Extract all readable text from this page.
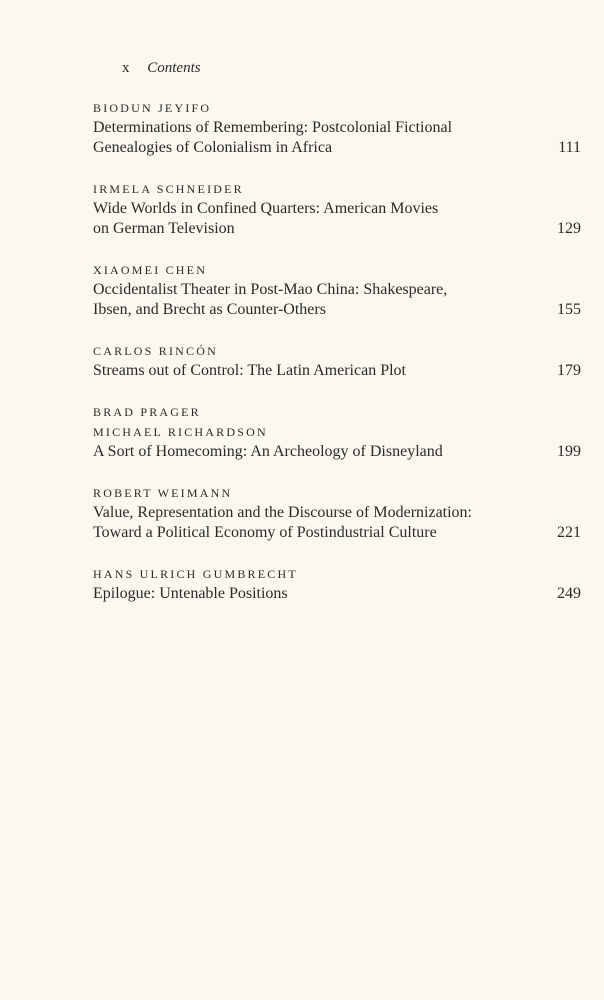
x Contents
BIODUN JEYIFO
Determinations of Remembering: Postcolonial Fictional
Genealogies of Colonialism in Africa	111
IRMELA SCHNEIDER
Wide Worlds in Confined Quarters: American Movies
on German Television	129
XIAOMEI CHEN
Occidentalist Theater in Post-Mao China: Shakespeare,
Ibsen, and Brecht as Counter-Others	155
CARLOS RINCÓN
Streams out of Control: The Latin American Plot	179
BRAD PRAGER
MICHAEL RICHARDSON
A Sort of Homecoming: An Archeology of Disneyland	199
ROBERT WEIMANN
Value, Representation and the Discourse of Modernization:
Toward a Political Economy of Postindustrial Culture	221
HANS ULRICH GUMBRECHT
Epilogue: Untenable Positions	249
